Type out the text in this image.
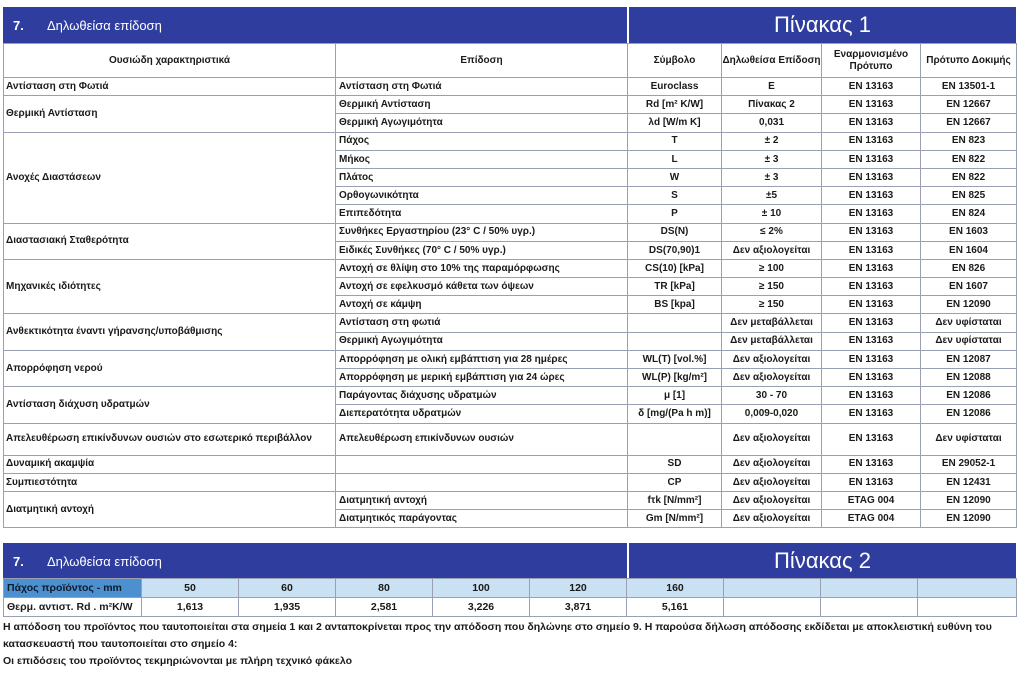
7.	Δηλωθείσα επίδοση	Πίνακας 1
Ουσιώδη χαρακτηριστικά	Επίδοση	Σύμβολο	Δηλωθείσα Επίδοση	Εναρμονισμένο Πρότυπο	Πρότυπο Δοκιμής
Αντίσταση στη Φωτιά	Αντίσταση στη Φωτιά	Euroclass	E	EN 13163	EN 13501-1
Θερμική Αντίσταση	Θερμική Αντίσταση	Rd [m² K/W]	Πίνακας 2	EN 13163	EN 12667
	Θερμική Αγωγιμότητα	λd [W/m K]	0,031	EN 13163	EN 12667
Ανοχές Διαστάσεων	Πάχος	T	± 2	EN 13163	EN 823
	Μήκος	L	± 3	EN 13163	EN 822
	Πλάτος	W	± 3	EN 13163	EN 822
	Ορθογωνικότητα	S	±5	EN 13163	EN 825
	Επιπεδότητα	P	± 10	EN 13163	EN 824
Διαστασιακή Σταθερότητα	Συνθήκες Εργαστηρίου (23° C / 50% υγρ.)	DS(N)	≤ 2%	EN 13163	EN 1603
	Ειδικές Συνθήκες (70° C / 50% υγρ.)	DS(70,90)1	Δεν αξιολογείται	EN 13163	EN 1604
Μηχανικές ιδιότητες	Αντοχή σε θλίψη στο 10% της παραμόρφωσης	CS(10) [kPa]	≥ 100	EN 13163	EN 826
	Αντοχή σε εφελκυσμό κάθετα των όψεων	TR [kPa]	≥ 150	EN 13163	EN 1607
	Αντοχή σε κάμψη	BS [kpa]	≥ 150	EN 13163	EN 12090
Ανθεκτικότητα έναντι γήρανσης/υποβάθμισης	Αντίσταση στη φωτιά		Δεν μεταβάλλεται	EN 13163	Δεν υφίσταται
	Θερμική Αγωγιμότητα		Δεν μεταβάλλεται	EN 13163	Δεν υφίσταται
Απορρόφηση νερού	Απορρόφηση με ολική εμβάπτιση για 28 ημέρες	WL(T) [vol.%]	Δεν αξιολογείται	EN 13163	EN 12087
	Απορρόφηση με μερική εμβάπτιση για 24 ώρες	WL(P) [kg/m²]	Δεν αξιολογείται	EN 13163	EN 12088
Αντίσταση διάχυση υδρατμών	Παράγοντας διάχυσης υδρατμών	μ [1]	30 - 70	EN 13163	EN 12086
	Διεπερατότητα υδρατμών	δ [mg/(Pa h m)]	0,009-0,020	EN 13163	EN 12086
Απελευθέρωση επικίνδυνων ουσιών στο εσωτερικό περιβάλλον	Απελευθέρωση επικίνδυνων ουσιών		Δεν αξιολογείται	EN 13163	Δεν υφίσταται
Δυναμική ακαμψία		SD	Δεν αξιολογείται	EN 13163	EN 29052-1
Συμπιεστότητα		CP	Δεν αξιολογείται	EN 13163	EN 12431
Διατμητική αντοχή	Διατμητική αντοχή	fτk [N/mm²]	Δεν αξιολογείται	ETAG 004	EN 12090
	Διατμητικός παράγοντας	Gm [N/mm²]	Δεν αξιολογείται	ETAG 004	EN 12090
7.	Δηλωθείσα επίδοση	Πίνακας 2
Πάχος προϊόντος - mm	50	60	80	100	120	160			
Θερμ. αντιστ. Rd . m²K/W	1,613	1,935	2,581	3,226	3,871	5,161			
Η απόδοση του προϊόντος που ταυτοποιείται στα σημεία 1 και 2 ανταποκρίνεται προς την απόδοση που δηλώνηε στο σημείο 9. Η παρούσα δήλωση απόδοσης εκδίδεται με αποκλειστική ευθύνη του κατασκευαστή που ταυτοποιείται στο σημείο 4:
Οι επιδόσεις του προϊόντος τεκμηριώνονται με πλήρη τεχνικό φάκελο
